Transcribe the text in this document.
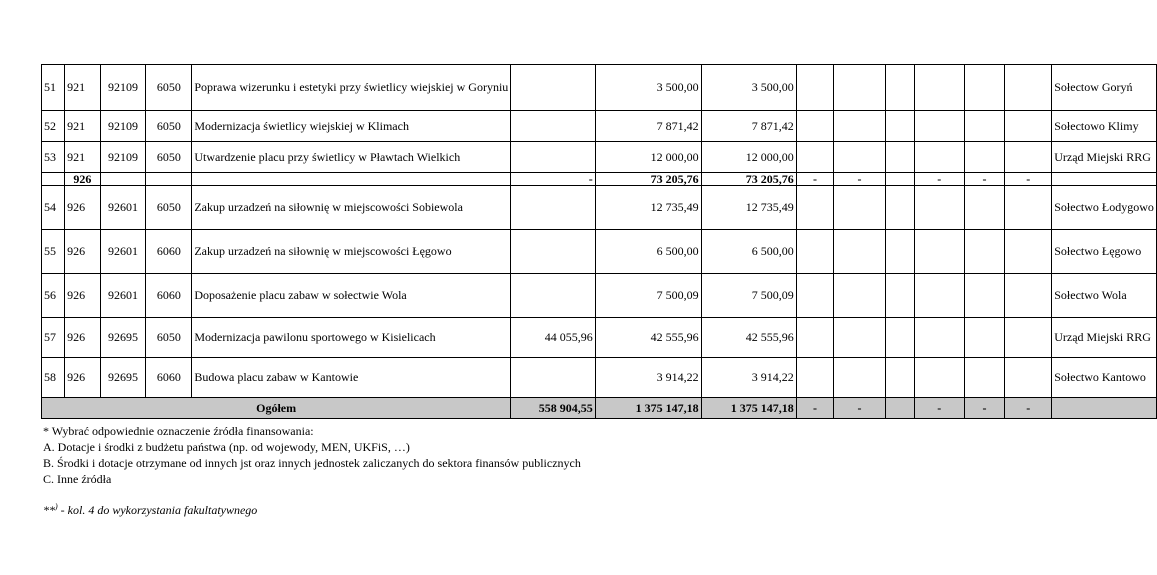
51	921	92109	6050	Poprawa wizerunku i estetyki przy świetlicy wiejskiej w Goryniu		3 500,00	3 500,00							Sołectow Goryń
52	921	92109	6050	Modernizacja świetlicy wiejskiej w Klimach		7 871,42	7 871,42							Sołectowo Klimy
53	921	92109	6050	Utwardzenie placu przy świetlicy w Pławtach Wielkich		12 000,00	12 000,00							Urząd Miejski RRG
	926				-	73 205,76	73 205,76	-	-		-	-	-	
54	926	92601	6050	Zakup urzadzeń na siłownię w miejscowości Sobiewola		12 735,49	12 735,49							Sołectwo Łodygowo
55	926	92601	6060	Zakup urzadzeń na siłownię w miejscowości Łęgowo		6 500,00	6 500,00							Sołectwo Łęgowo
56	926	92601	6060	Doposażenie placu zabaw w sołectwie Wola		7 500,09	7 500,09							Sołectwo Wola
57	926	92695	6050	Modernizacja pawilonu sportowego w Kisielicach	44 055,96	42 555,96	42 555,96							Urząd Miejski RRG
58	926	92695	6060	Budowa placu zabaw w Kantowie		3 914,22	3 914,22							Sołectwo Kantowo
Ogółem					558 904,55	1 375 147,18	1 375 147,18	-	-		-	-	-	
* Wybrać odpowiednie oznaczenie źródła finansowania:
A. Dotacje i środki z budżetu państwa (np. od wojewody, MEN, UKFiS, …)
B. Środki i dotacje otrzymane od innych jst oraz innych jednostek zaliczanych do sektora finansów publicznych
C. Inne źródła
**) - kol. 4 do wykorzystania fakultatywnego
